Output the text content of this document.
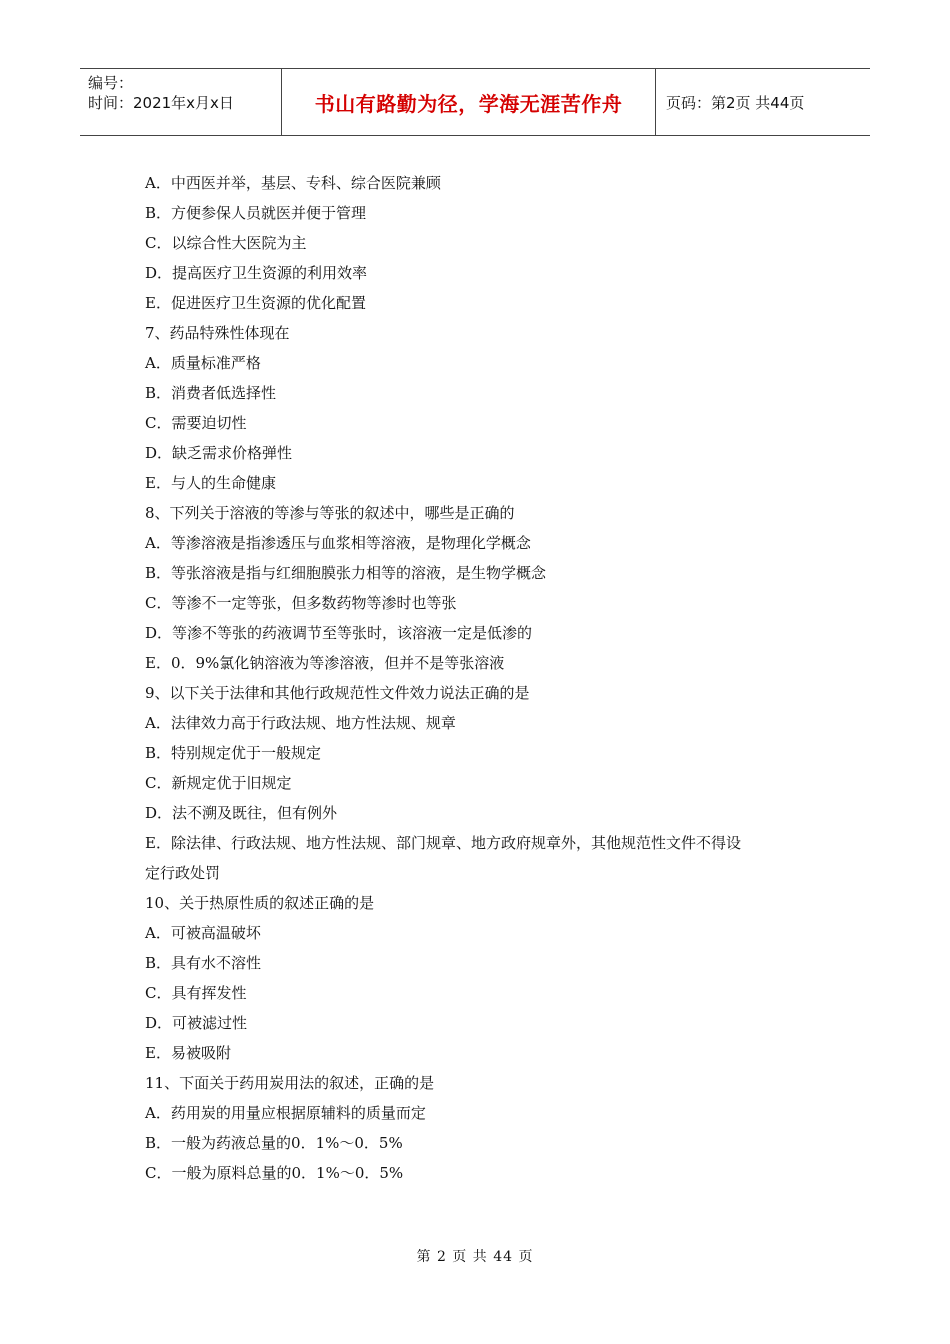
编号：
时间：2021年x月x日	书山有路勤为径，学海无涯苦作舟	页码：第2页 共44页
A．中西医并举，基层、专科、综合医院兼顾
B．方便参保人员就医并便于管理
C．以综合性大医院为主
D．提高医疗卫生资源的利用效率
E．促进医疗卫生资源的优化配置
7、药品特殊性体现在
A．质量标准严格
B．消费者低选择性
C．需要迫切性
D．缺乏需求价格弹性
E．与人的生命健康
8、下列关于溶液的等渗与等张的叙述中，哪些是正确的
A．等渗溶液是指渗透压与血浆相等溶液，是物理化学概念
B．等张溶液是指与红细胞膜张力相等的溶液，是生物学概念
C．等渗不一定等张，但多数药物等渗时也等张
D．等渗不等张的药液调节至等张时，该溶液一定是低渗的
E．0．9%氯化钠溶液为等渗溶液，但并不是等张溶液
9、以下关于法律和其他行政规范性文件效力说法正确的是
A．法律效力高于行政法规、地方性法规、规章
B．特别规定优于一般规定
C．新规定优于旧规定
D．法不溯及既往，但有例外
E．除法律、行政法规、地方性法规、部门规章、地方政府规章外，其他规范性文件不得设
定行政处罚
10、关于热原性质的叙述正确的是
A．可被高温破坏
B．具有水不溶性
C．具有挥发性
D．可被滤过性
E．易被吸附
11、下面关于药用炭用法的叙述，正确的是
A．药用炭的用量应根据原辅料的质量而定
B．一般为药液总量的0．1%～0．5%
C．一般为原料总量的0．1%～0．5%
第 2 页 共 44 页
